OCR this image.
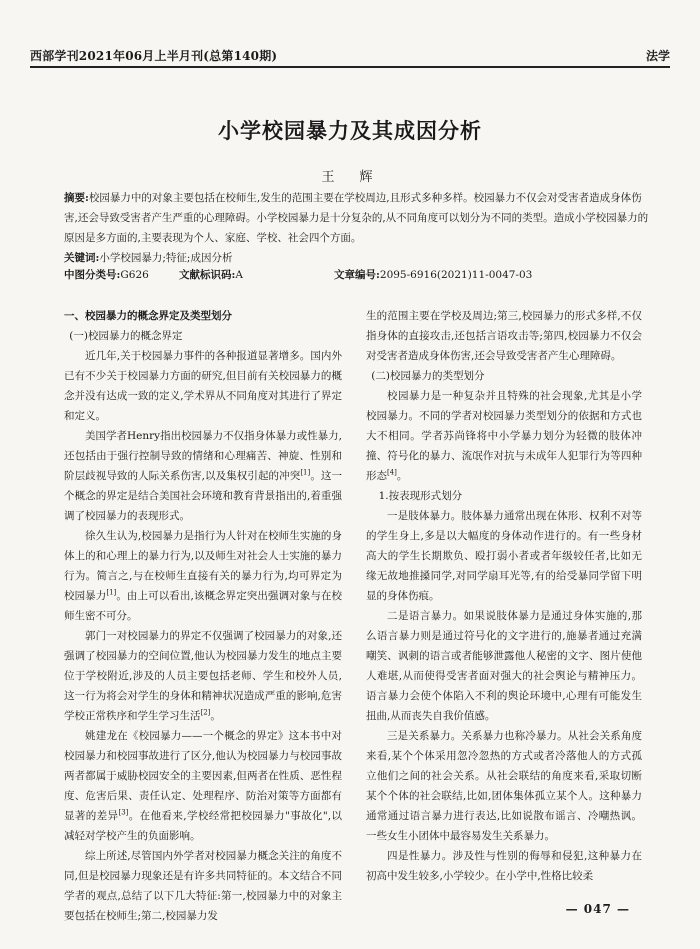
西部学刊2021年06月上半月刊(总第140期)	法学
小学校园暴力及其成因分析
王　辉

摘要:校园暴力中的对象主要包括在校师生,发生的范围主要在学校周边,且形式多种多样。校园暴力不仅会对受害者造成身体伤害,还会导致受害者产生严重的心理障碍。小学校园暴力是十分复杂的,从不同角度可以划分为不同的类型。造成小学校园暴力的原因是多方面的,主要表现为个人、家庭、学校、社会四个方面。

关键词:小学校园暴力;特征;成因分析

中图分类号:G626	文献标识码:A	文章编号:2095-6916(2021)11-0047-03

一、校园暴力的概念界定及类型划分

(一)校园暴力的概念界定

近几年,关于校园暴力事件的各种报道显著增多。国内外已有不少关于校园暴力方面的研究,但目前有关校园暴力的概念并没有达成一致的定义,学术界从不同角度对其进行了界定和定义。

美国学者Henry指出校园暴力不仅指身体暴力或性暴力,还包括由于强行控制导致的情绪和心理痛苦、神旋、性别和阶层歧视导致的人际关系伤害,以及集权引起的冲突[1]。这一个概念的界定是结合美国社会环境和教育背景指出的,着重强调了校园暴力的表现形式。

徐久生认为,校园暴力是指行为人针对在校师生实施的身体上的和心理上的暴力行为,以及师生对社会人士实施的暴力行为。简言之,与在校师生直接有关的暴力行为,均可界定为校园暴力[1]。由上可以看出,该概念界定突出强调对象与在校师生密不可分。

郭门一对校园暴力的界定不仅强调了校园暴力的对象,还强调了校园暴力的空间位置,他认为校园暴力发生的地点主要位于学校附近,涉及的人员主要包括老师、学生和校外人员,这一行为将会对学生的身体和精神状况造成严重的影响,危害学校正常秩序和学生学习生活[2]。

姚建龙在《校园暴力——一个概念的界定》这本书中对校园暴力和校园事故进行了区分,他认为校园暴力与校园事故两者都属于威胁校园安全的主要因素,但两者在性质、恶性程度、危害后果、责任认定、处理程序、防治对策等方面都有显著的差异[3]。在他看来,学校经常把校园暴力"事故化",以减轻对学校产生的负面影响。

综上所述,尽管国内外学者对校园暴力概念关注的角度不同,但是校园暴力现象还是有许多共同特征的。本文结合不同学者的观点,总结了以下几大特征:第一,校园暴力中的对象主要包括在校师生;第二,校园暴力发

生的范围主要在学校及周边;第三,校园暴力的形式多样,不仅指身体的直接攻击,还包括言语攻击等;第四,校园暴力不仅会对受害者造成身体伤害,还会导致受害者产生心理障碍。

(二)校园暴力的类型划分

校园暴力是一种复杂并且特殊的社会现象,尤其是小学校园暴力。不同的学者对校园暴力类型划分的依据和方式也大不相同。学者苏尚锋将中小学暴力划分为轻微的肢体冲撞、符号化的暴力、流氓作对抗与未成年人犯罪行为等四种形态[4]。

1.按表现形式划分

一是肢体暴力。肢体暴力通常出现在体形、权利不对等的学生身上,多是以大幅度的身体动作进行的。有一些身材高大的学生长期欺负、殴打弱小者或者年级较任者,比如无缘无故地推搡同学,对同学扇耳光等,有的给受暴同学留下明显的身体伤痕。

二是语言暴力。如果说肢体暴力是通过身体实施的,那么语言暴力则是通过符号化的文字进行的,施暴者通过充满嘲笑、讽刺的语言或者能够泄露他人秘密的文字、图片使他人难堪,从而使得受害者面对强大的社会舆论与精神压力。语言暴力会使个体陷入不利的舆论环境中,心理有可能发生扭曲,从而丧失自我价值感。

三是关系暴力。关系暴力也称冷暴力。从社会关系角度来看,某个个体采用忽冷忽热的方式或者冷落他人的方式孤立他们之间的社会关系。从社会联结的角度来看,采取切断某个个体的社会联结,比如,团体集体孤立某个人。这种暴力通常通过语言暴力进行表达,比如说散布谣言、冷嘲热讽。一些女生小团体中最容易发生关系暴力。

四是性暴力。涉及性与性别的侮辱和侵犯,这种暴力在初高中发生较多,小学较少。在小学中,性格比较柔

— 047 —
